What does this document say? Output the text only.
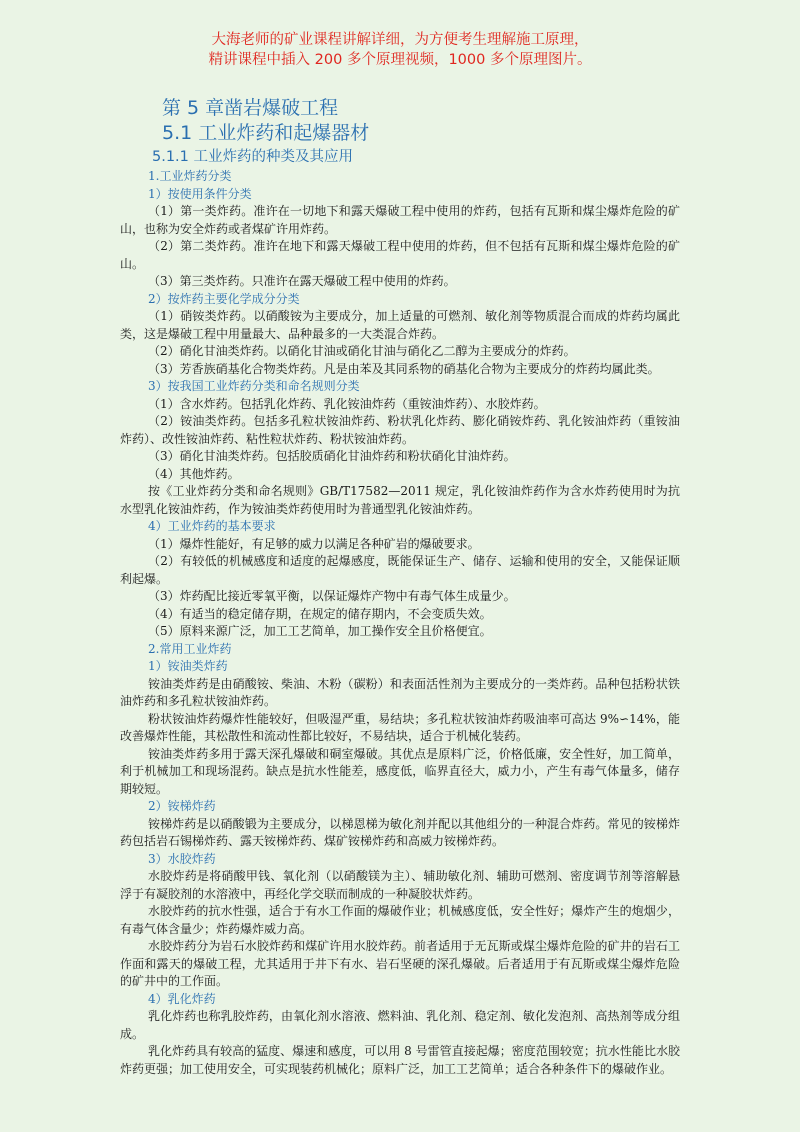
大海老师的矿业课程讲解详细，为方便考生理解施工原理，
精讲课程中插入 200 多个原理视频，1000 多个原理图片。
第 5 章凿岩爆破工程
5.1 工业炸药和起爆器材
5.1.1 工业炸药的种类及其应用
1.工业炸药分类
1）按使用条件分类
（1）第一类炸药。准许在一切地下和露天爆破工程中使用的炸药，包括有瓦斯和煤尘爆炸危险的矿山，也称为安全炸药或者煤矿许用炸药。
（2）第二类炸药。准许在地下和露天爆破工程中使用的炸药，但不包括有瓦斯和煤尘爆炸危险的矿山。
（3）第三类炸药。只准许在露天爆破工程中使用的炸药。
2）按炸药主要化学成分分类
（1）硝铵类炸药。以硝酸铵为主要成分，加上适量的可燃剂、敏化剂等物质混合而成的炸药均属此类，这是爆破工程中用量最大、品种最多的一大类混合炸药。
（2）硝化甘油类炸药。以硝化甘油或硝化甘油与硝化乙二醇为主要成分的炸药。
（3）芳香族硝基化合物类炸药。凡是由苯及其同系物的硝基化合物为主要成分的炸药均属此类。
3）按我国工业炸药分类和命名规则分类
（1）含水炸药。包括乳化炸药、乳化铵油炸药（重铵油炸药）、水胶炸药。
（2）铵油类炸药。包括多孔粒状铵油炸药、粉状乳化炸药、膨化硝铵炸药、乳化铵油炸药（重铵油炸药）、改性铵油炸药、粘性粒状炸药、粉状铵油炸药。
（3）硝化甘油类炸药。包括胶质硝化甘油炸药和粉状硝化甘油炸药。
（4）其他炸药。
按《工业炸药分类和命名规则》GB/T17582—2011 规定，乳化铵油炸药作为含水炸药使用时为抗水型乳化铵油炸药，作为铵油类炸药使用时为普通型乳化铵油炸药。
4）工业炸药的基本要求
（1）爆炸性能好，有足够的威力以满足各种矿岩的爆破要求。
（2）有较低的机械感度和适度的起爆感度，既能保证生产、储存、运输和使用的安全，又能保证顺利起爆。
（3）炸药配比接近零氧平衡，以保证爆炸产物中有毒气体生成量少。
（4）有适当的稳定储存期，在规定的储存期内，不会变质失效。
（5）原料来源广泛，加工工艺简单，加工操作安全且价格便宜。
2.常用工业炸药
1）铵油类炸药
铵油类炸药是由硝酸铵、柴油、木粉（碳粉）和表面活性剂为主要成分的一类炸药。品种包括粉状铁油炸药和多孔粒状铵油炸药。
粉状铵油炸药爆炸性能较好，但吸湿严重，易结块；多孔粒状铵油炸药吸油率可高达 9%∽14%，能改善爆炸性能，其松散性和流动性都比较好，不易结块，适合于机械化装药。
铵油类炸药多用于露天深孔爆破和硐室爆破。其优点是原料广泛，价格低廉，安全性好，加工简单，利于机械加工和现场混药。缺点是抗水性能差，感度低，临界直径大，威力小，产生有毒气体量多，储存期较短。
2）铵梯炸药
铵梯炸药是以硝酸锻为主要成分，以梯恩梯为敏化剂并配以其他组分的一种混合炸药。常见的铵梯炸药包括岩石锡梯炸药、露天铵梯炸药、煤矿铵梯炸药和高威力铵梯炸药。
3）水胶炸药
水胶炸药是将硝酸甲钱、氧化剂（以硝酸镁为主）、辅助敏化剂、辅助可燃剂、密度调节剂等溶解悬浮于有凝胶剂的水溶液中，再经化学交联而制成的一种凝胶状炸药。
水胶炸药的抗水性强，适合于有水工作面的爆破作业；机械感度低，安全性好；爆炸产生的炮烟少，有毒气体含量少；炸药爆炸威力高。
水胶炸药分为岩石水胶炸药和煤矿许用水胶炸药。前者适用于无瓦斯或煤尘爆炸危险的矿井的岩石工作面和露天的爆破工程，尤其适用于井下有水、岩石坚硬的深孔爆破。后者适用于有瓦斯或煤尘爆炸危险的矿井中的工作面。
4）乳化炸药
乳化炸药也称乳胶炸药，由氧化剂水溶液、燃料油、乳化剂、稳定剂、敏化发泡剂、高热剂等成分组成。
乳化炸药具有较高的猛度、爆速和感度，可以用 8 号雷管直接起爆；密度范围较宽；抗水性能比水胶炸药更强；加工使用安全，可实现装药机械化；原料广泛，加工工艺简单；适合各种条件下的爆破作业。
